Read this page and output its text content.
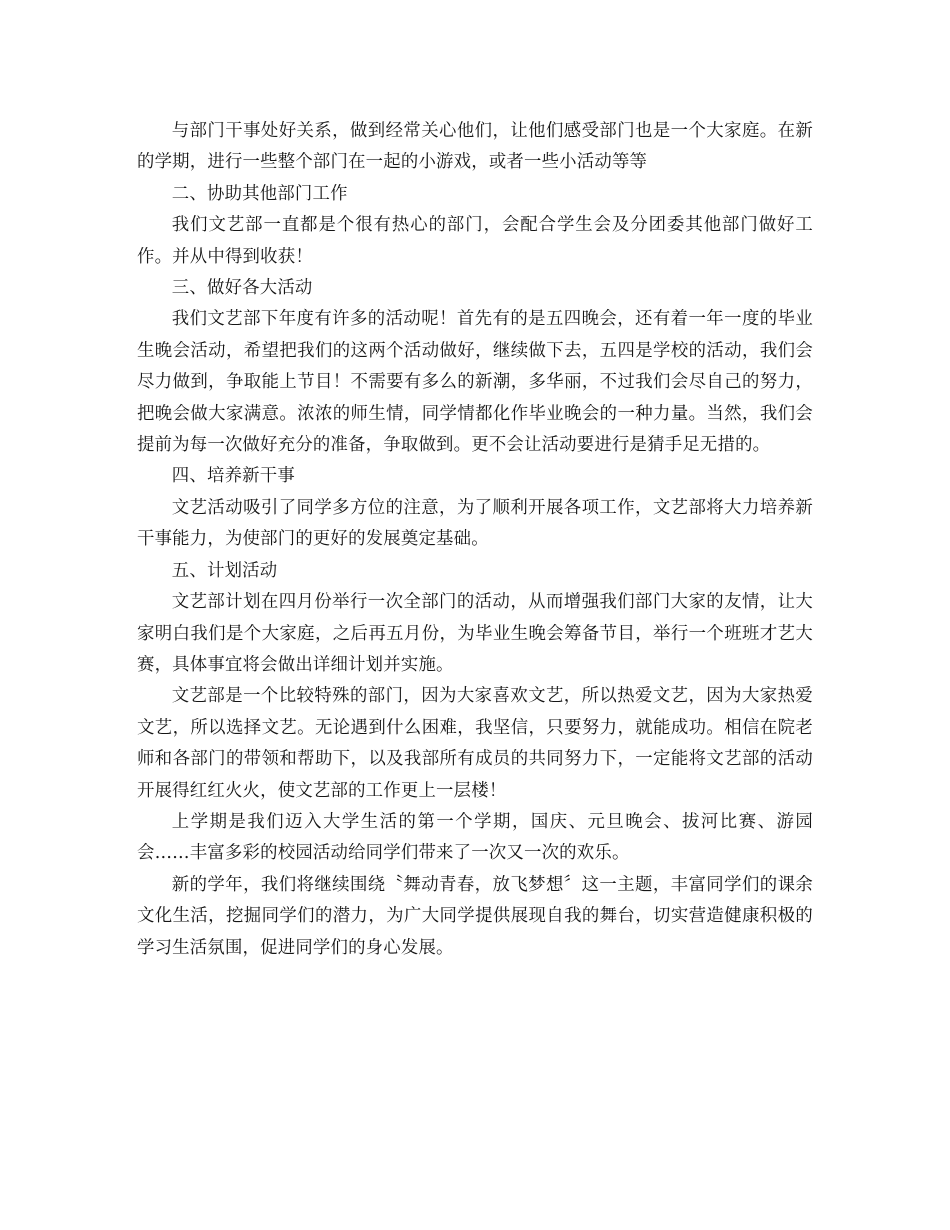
与部门干事处好关系，做到经常关心他们，让他们感受部门也是一个大家庭。在新的学期，进行一些整个部门在一起的小游戏，或者一些小活动等等

二、协助其他部门工作

我们文艺部一直都是个很有热心的部门，会配合学生会及分团委其他部门做好工作。并从中得到收获！

三、做好各大活动

我们文艺部下年度有许多的活动呢！首先有的是五四晚会，还有着一年一度的毕业生晚会活动，希望把我们的这两个活动做好，继续做下去，五四是学校的活动，我们会尽力做到，争取能上节目！不需要有多么的新潮，多华丽，不过我们会尽自己的努力，把晚会做大家满意。浓浓的师生情，同学情都化作毕业晚会的一种力量。当然，我们会提前为每一次做好充分的准备，争取做到。更不会让活动要进行是猜手足无措的。

四、培养新干事

文艺活动吸引了同学多方位的注意，为了顺利开展各项工作，文艺部将大力培养新干事能力，为使部门的更好的发展奠定基础。

五、计划活动

文艺部计划在四月份举行一次全部门的活动，从而增强我们部门大家的友情，让大家明白我们是个大家庭，之后再五月份，为毕业生晚会筹备节目，举行一个班班才艺大赛，具体事宜将会做出详细计划并实施。

文艺部是一个比较特殊的部门，因为大家喜欢文艺，所以热爱文艺，因为大家热爱文艺，所以选择文艺。无论遇到什么困难，我坚信，只要努力，就能成功。相信在院老师和各部门的带领和帮助下，以及我部所有成员的共同努力下，一定能将文艺部的活动开展得红红火火，使文艺部的工作更上一层楼！

上学期是我们迈入大学生活的第一个学期，国庆、元旦晚会、拔河比赛、游园会……丰富多彩的校园活动给同学们带来了一次又一次的欢乐。

新的学年，我们将继续围绕〝舞动青春，放飞梦想〞这一主题，丰富同学们的课余文化生活，挖掘同学们的潜力，为广大同学提供展现自我的舞台，切实营造健康积极的学习生活氛围，促进同学们的身心发展。
